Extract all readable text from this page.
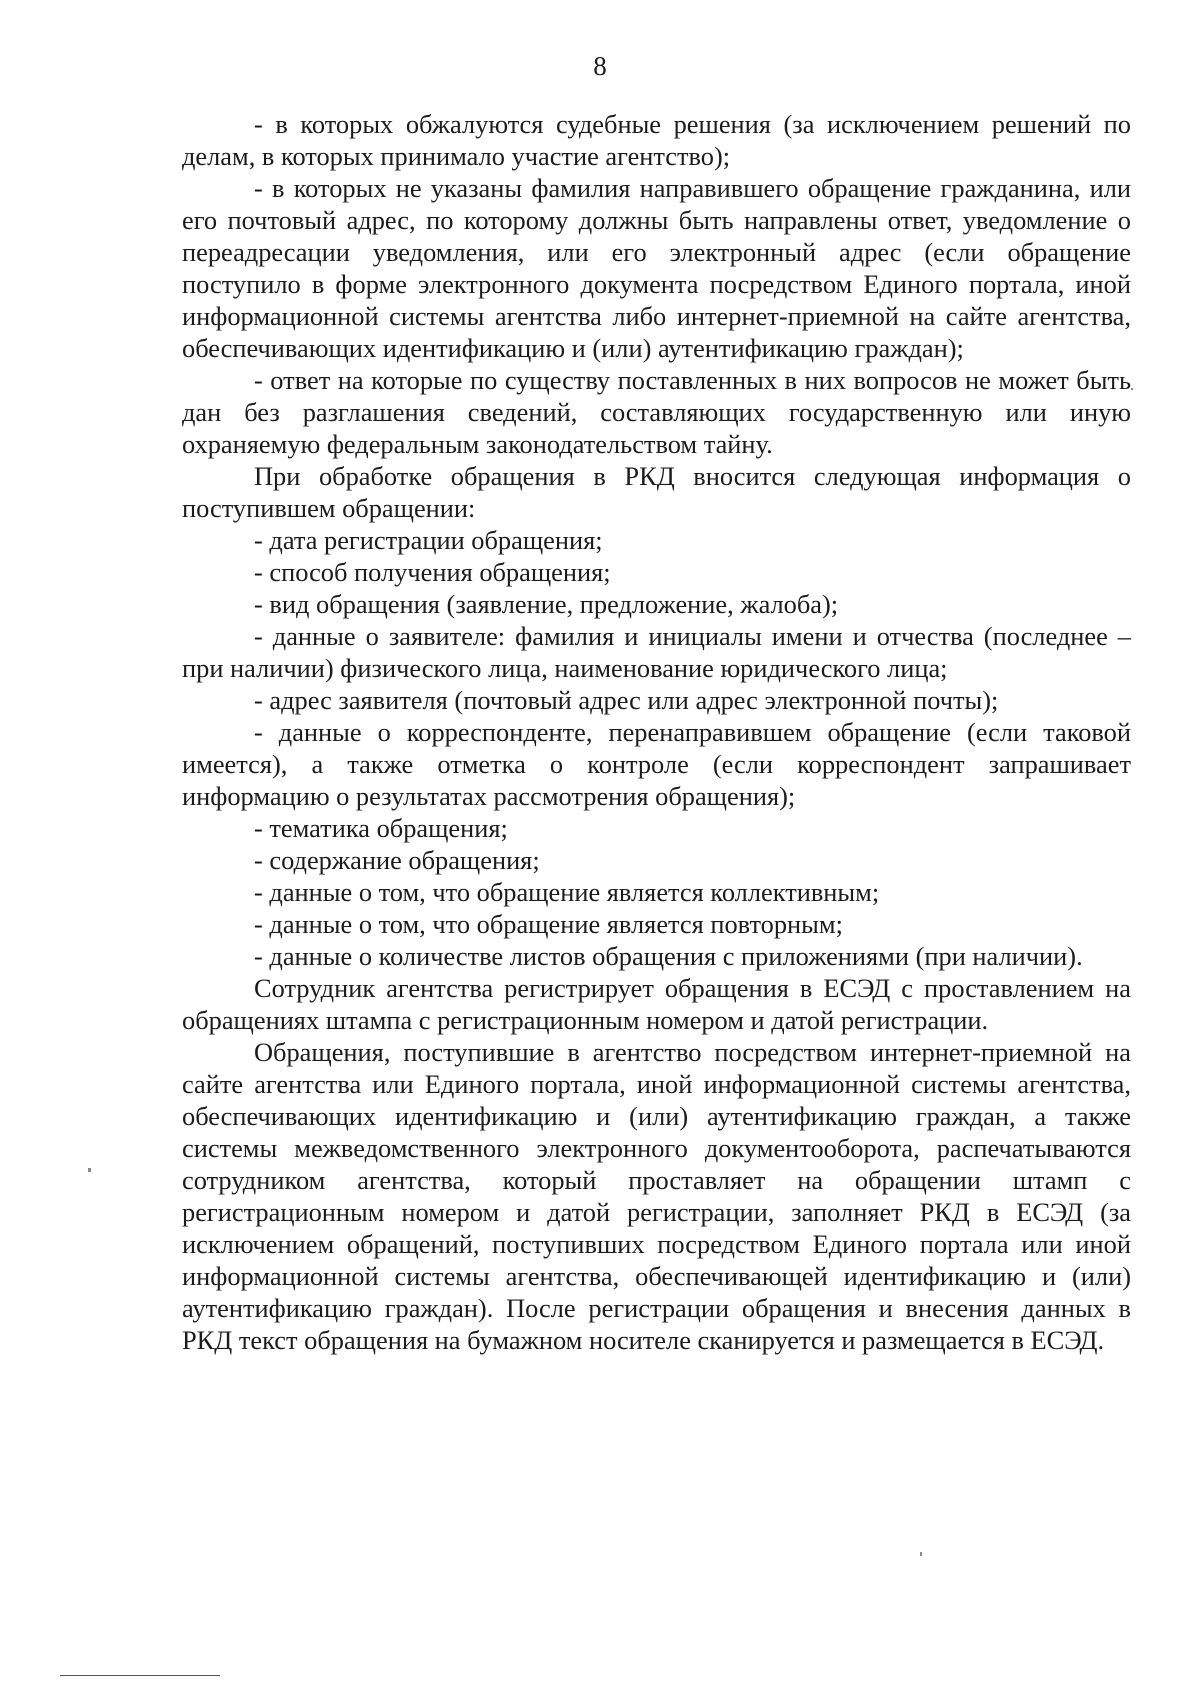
8

- в которых обжалуются судебные решения (за исключением решений по делам, в которых принимало участие агентство);

- в которых не указаны фамилия направившего обращение гражданина, или его почтовый адрес, по которому должны быть направлены ответ, уведомление о переадресации уведомления, или его электронный адрес (если обращение поступило в форме электронного документа посредством Единого портала, иной информационной системы агентства либо интернет-приемной на сайте агентства, обеспечивающих идентификацию и (или) аутентификацию граждан);

- ответ на которые по существу поставленных в них вопросов не может быть дан без разглашения сведений, составляющих государственную или иную охраняемую федеральным законодательством тайну.

При обработке обращения в РКД вносится следующая информация о поступившем обращении:

- дата регистрации обращения;

- способ получения обращения;

- вид обращения (заявление, предложение, жалоба);

- данные о заявителе: фамилия и инициалы имени и отчества (последнее – при наличии) физического лица, наименование юридического лица;

- адрес заявителя (почтовый адрес или адрес электронной почты);

- данные о корреспонденте, перенаправившем обращение (если таковой имеется), а также отметка о контроле (если корреспондент запрашивает информацию о результатах рассмотрения обращения);

- тематика обращения;

- содержание обращения;

- данные о том, что обращение является коллективным;

- данные о том, что обращение является повторным;

- данные о количестве листов обращения с приложениями (при наличии).

Сотрудник агентства регистрирует обращения в ЕСЭД с проставлением на обращениях штампа с регистрационным номером и датой регистрации.

Обращения, поступившие в агентство посредством интернет-приемной на сайте агентства или Единого портала, иной информационной системы агентства, обеспечивающих идентификацию и (или) аутентификацию граждан, а также системы межведомственного электронного документооборота, распечатываются сотрудником агентства, который проставляет на обращении штамп с регистрационным номером и датой регистрации, заполняет РКД в ЕСЭД (за исключением обращений, поступивших посредством Единого портала или иной информационной системы агентства, обеспечивающей идентификацию и (или) аутентификацию граждан). После регистрации обращения и внесения данных в РКД текст обращения на бумажном носителе сканируется и размещается в ЕСЭД.
